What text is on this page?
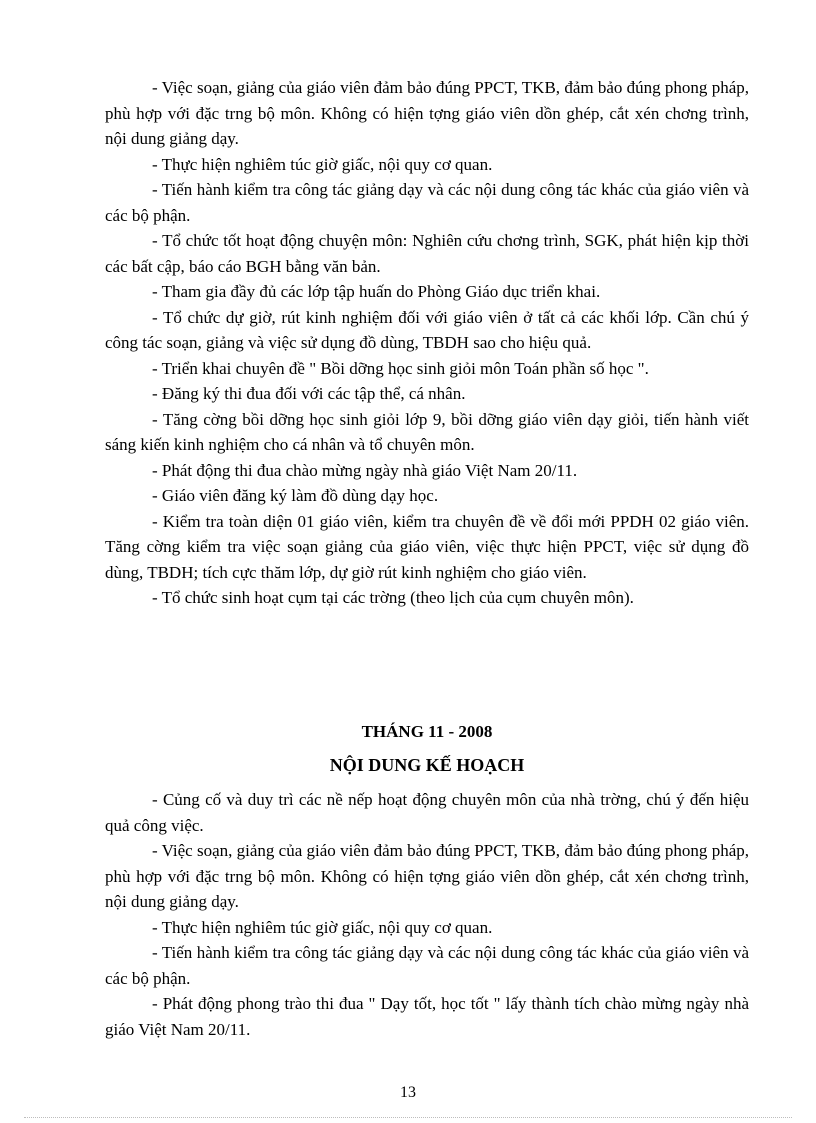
- Việc soạn, giảng của giáo viên đảm bảo đúng PPCT, TKB, đảm bảo đúng phong pháp, phù hợp với đặc trng bộ môn. Không có hiện tợng giáo viên dồn ghép, cắt xén chơng trình, nội dung giảng dạy.

- Thực hiện nghiêm túc giờ giấc, nội quy cơ quan.

- Tiến hành kiểm tra công tác giảng dạy và các nội dung công tác khác của giáo viên và các bộ phận.

- Tổ chức tốt hoạt động chuyện môn: Nghiên cứu chơng trình, SGK, phát hiện kịp thời các bất cập, báo cáo BGH bằng văn bản.

- Tham gia đầy đủ các lớp tập huấn do Phòng Giáo dục triển khai.

- Tổ chức dự giờ, rút kinh nghiệm đối với giáo viên ở tất cả các khối lớp. Cần chú ý công tác soạn, giảng và việc sử dụng đồ dùng, TBDH sao cho hiệu quả.

- Triển khai chuyên đề " Bồi dỡng học sinh giỏi môn Toán phần số học ".

- Đăng ký thi đua đối với các tập thể, cá nhân.

- Tăng cờng bồi dỡng học sinh giỏi lớp 9, bồi dỡng giáo viên dạy giỏi, tiến hành viết sáng kiến kinh nghiệm cho cá nhân và tổ chuyên môn.

- Phát động thi đua chào mừng ngày nhà giáo Việt Nam 20/11.

- Giáo viên đăng ký làm đồ dùng dạy học.

- Kiểm tra toàn diện 01 giáo viên, kiểm tra chuyên đề về đổi mới PPDH 02 giáo viên. Tăng cờng kiểm tra việc soạn giảng của giáo viên, việc thực hiện PPCT, việc sử dụng đồ dùng, TBDH; tích cực thăm lớp, dự giờ rút kinh nghiệm cho giáo viên.

- Tổ chức sinh hoạt cụm tại các trờng (theo lịch của cụm chuyên môn).

THÁNG 11 - 2008
NỘI DUNG KẾ HOẠCH

- Củng cố và duy trì các nề nếp hoạt động chuyên môn của nhà trờng, chú ý đến hiệu quả công việc.

- Việc soạn, giảng của giáo viên đảm bảo đúng PPCT, TKB, đảm bảo đúng phong pháp, phù hợp với đặc trng bộ môn. Không có hiện tợng giáo viên dồn ghép, cắt xén chơng trình, nội dung giảng dạy.

- Thực hiện nghiêm túc giờ giấc, nội quy cơ quan.

- Tiến hành kiểm tra công tác giảng dạy và các nội dung công tác khác của giáo viên và các bộ phận.

- Phát động phong trào thi đua " Dạy tốt, học tốt " lấy thành tích chào mừng ngày nhà giáo Việt Nam 20/11.

13
